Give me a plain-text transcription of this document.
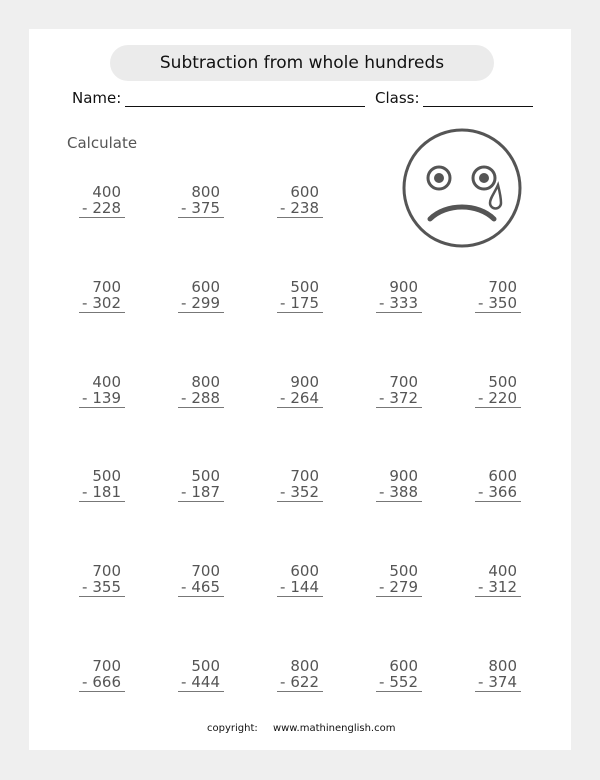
Subtraction from whole hundreds
Name:	Class:
Calculate
400
- 228
800
- 375
600
- 238
700
- 302
600
- 299
500
- 175
900
- 333
700
- 350
400
- 139
800
- 288
900
- 264
700
- 372
500
- 220
500
- 181
500
- 187
700
- 352
900
- 388
600
- 366
700
- 355
700
- 465
600
- 144
500
- 279
400
- 312
700
- 666
500
- 444
800
- 622
600
- 552
800
- 374
copyright: www.mathinenglish.com
